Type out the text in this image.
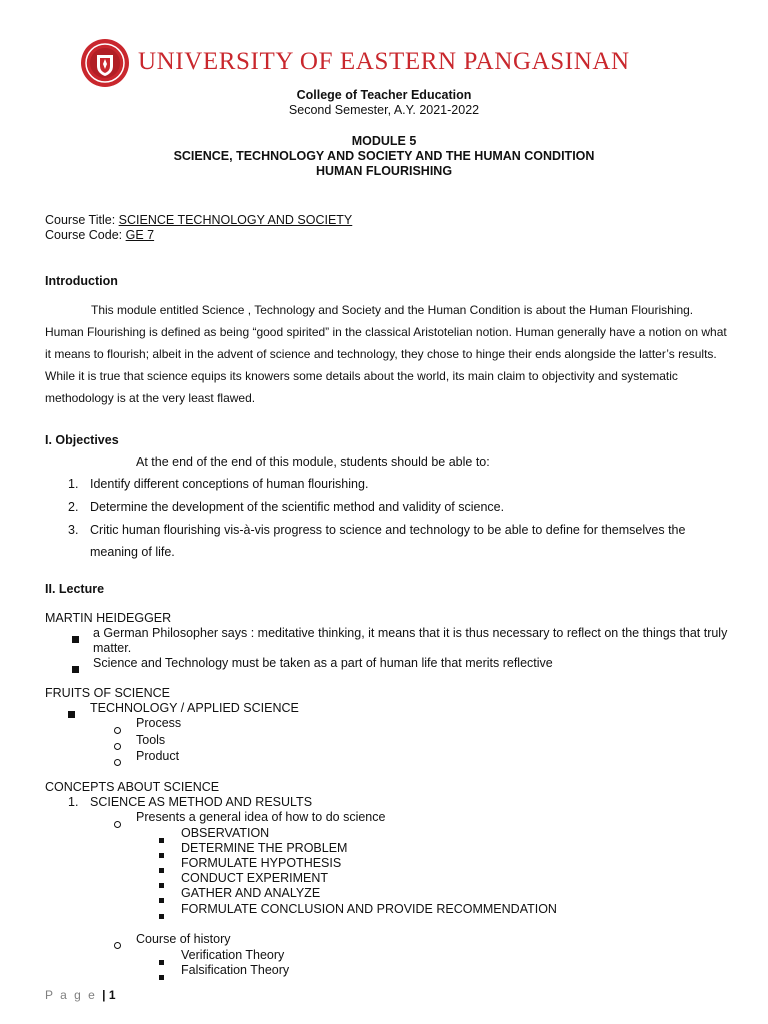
UNIVERSITY OF EASTERN PANGASINAN
College of Teacher Education
Second Semester, A.Y. 2021-2022
MODULE 5
SCIENCE, TECHNOLOGY AND SOCIETY AND THE HUMAN CONDITION
HUMAN FLOURISHING
Course Title: SCIENCE TECHNOLOGY AND SOCIETY
Course Code: GE 7
Introduction
This module entitled Science , Technology and Society and the Human Condition is about the Human Flourishing.
Human Flourishing is defined as being “good spirited” in the classical Aristotelian notion. Human generally have a notion on what
it means to flourish; albeit in the advent of science and technology, they chose to hinge their ends alongside the latter’s results.
While it is true that science equips its knowers some details about the world, its main claim to objectivity and systematic
methodology is at the very least flawed.
I. Objectives
At the end of the end of this module, students should be able to:
1. Identify different conceptions of human flourishing.
2. Determine the development of the scientific method and validity of science.
3. Critic human flourishing vis-à-vis progress to science and technology to be able to define for themselves the
meaning of life.
II. Lecture
MARTIN HEIDEGGER
a German Philosopher says : meditative thinking, it means that it is thus necessary to reflect on the things that truly
matter.
Science and Technology must be taken as a part of human life that merits reflective
FRUITS OF SCIENCE
TECHNOLOGY / APPLIED SCIENCE
Process
Tools
Product
CONCEPTS ABOUT SCIENCE
1. SCIENCE AS METHOD AND RESULTS
Presents a general idea of how to do science
OBSERVATION
DETERMINE THE PROBLEM
FORMULATE HYPOTHESIS
CONDUCT EXPERIMENT
GATHER AND ANALYZE
FORMULATE CONCLUSION AND PROVIDE RECOMMENDATION
Course of history
Verification Theory
Falsification Theory
P a g e | 1
